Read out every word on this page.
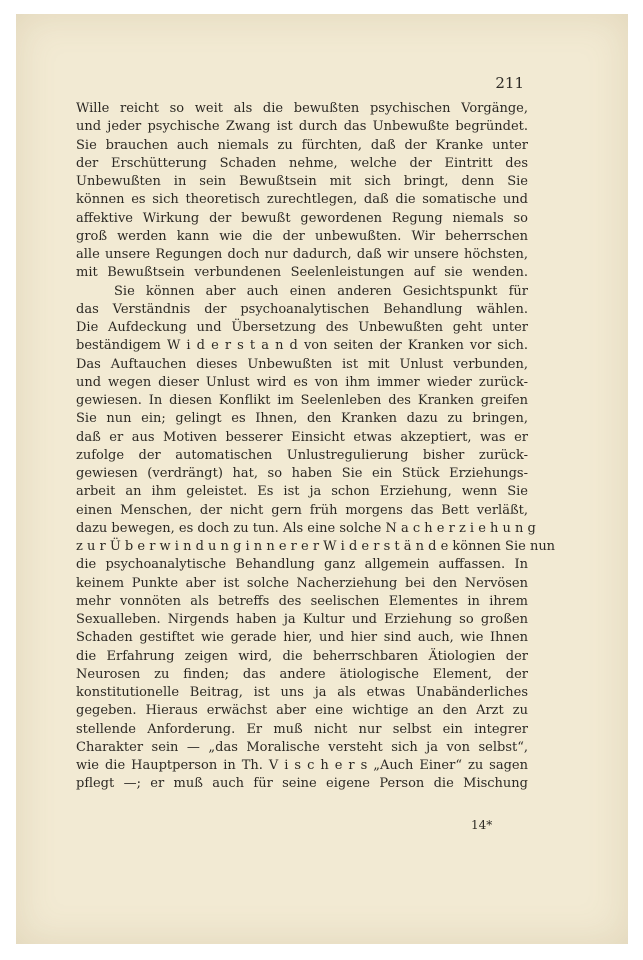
211

Wille reicht so weit als die bewußten psychischen Vorgänge,
und jeder psychische Zwang ist durch das Unbewußte begründet.
Sie brauchen auch niemals zu fürchten, daß der Kranke unter
der Erschütterung Schaden nehme, welche der Eintritt des
Unbewußten in sein Bewußtsein mit sich bringt, denn Sie
können es sich theoretisch zurechtlegen, daß die somatische und
affektive Wirkung der bewußt gewordenen Regung niemals so
groß werden kann wie die der unbewußten. Wir beherrschen
alle unsere Regungen doch nur dadurch, daß wir unsere höchsten,
mit Bewußtsein verbundenen Seelenleistungen auf sie wenden.
Sie können aber auch einen anderen Gesichtspunkt für
das Verständnis der psychoanalytischen Behandlung wählen.
Die Aufdeckung und Übersetzung des Unbewußten geht unter
beständigem W i d e r s t a n d von seiten der Kranken vor sich.
Das Auftauchen dieses Unbewußten ist mit Unlust verbunden,
und wegen dieser Unlust wird es von ihm immer wieder zurück-
gewiesen. In diesen Konflikt im Seelenleben des Kranken greifen
Sie nun ein; gelingt es Ihnen, den Kranken dazu zu bringen,
daß er aus Motiven besserer Einsicht etwas akzeptiert, was er
zufolge der automatischen Unlustregulierung bisher zurück-
gewiesen (verdrängt) hat, so haben Sie ein Stück Erziehungs-
arbeit an ihm geleistet. Es ist ja schon Erziehung, wenn Sie
einen Menschen, der nicht gern früh morgens das Bett verläßt,
dazu bewegen, es doch zu tun. Als eine solche N a c h e r z i e h u n g
z u r Ü b e r w i n d u n g i n n e r e r W i d e r s t ä n d e können Sie nun
die psychoanalytische Behandlung ganz allgemein auffassen. In
keinem Punkte aber ist solche Nacherziehung bei den Nervösen
mehr vonnöten als betreffs des seelischen Elementes in ihrem
Sexualleben. Nirgends haben ja Kultur und Erziehung so großen
Schaden gestiftet wie gerade hier, und hier sind auch, wie Ihnen
die Erfahrung zeigen wird, die beherrschbaren Ätiologien der
Neurosen zu finden; das andere ätiologische Element, der
konstitutionelle Beitrag, ist uns ja als etwas Unabänderliches
gegeben. Hieraus erwächst aber eine wichtige an den Arzt zu
stellende Anforderung. Er muß nicht nur selbst ein integrer
Charakter sein — „das Moralische versteht sich ja von selbst“,
wie die Hauptperson in Th. V i s c h e r s „Auch Einer“ zu sagen
pflegt —; er muß auch für seine eigene Person die Mischung

14*
